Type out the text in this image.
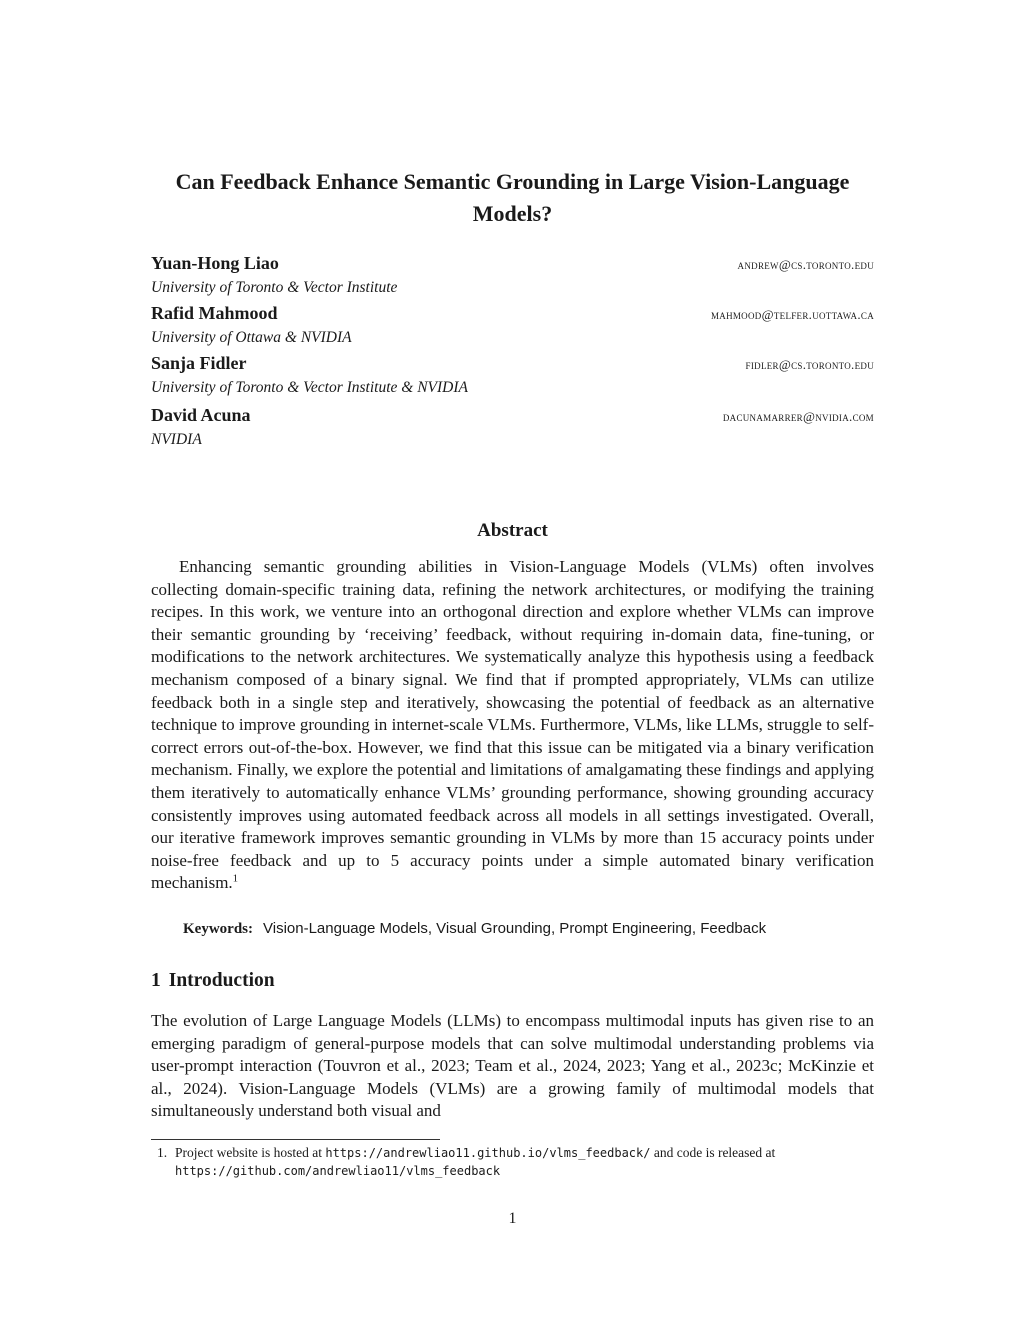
Can Feedback Enhance Semantic Grounding in Large Vision-Language Models?
Yuan-Hong Liao	andrew@cs.toronto.edu
University of Toronto & Vector Institute
Rafid Mahmood	mahmood@telfer.uottawa.ca
University of Ottawa & NVIDIA
Sanja Fidler	fidler@cs.toronto.edu
University of Toronto & Vector Institute & NVIDIA
David Acuna	dacunamarrer@nvidia.com
NVIDIA
Abstract
Enhancing semantic grounding abilities in Vision-Language Models (VLMs) often involves collecting domain-specific training data, refining the network architectures, or modifying the training recipes. In this work, we venture into an orthogonal direction and explore whether VLMs can improve their semantic grounding by ‘receiving’ feedback, without requiring in-domain data, fine-tuning, or modifications to the network architectures. We systematically analyze this hypothesis using a feedback mechanism composed of a binary signal. We find that if prompted appropriately, VLMs can utilize feedback both in a single step and iteratively, showcasing the potential of feedback as an alternative technique to improve grounding in internet-scale VLMs. Furthermore, VLMs, like LLMs, struggle to self-correct errors out-of-the-box. However, we find that this issue can be mitigated via a binary verification mechanism. Finally, we explore the potential and limitations of amalgamating these findings and applying them iteratively to automatically enhance VLMs’ grounding performance, showing grounding accuracy consistently improves using automated feedback across all models in all settings investigated. Overall, our iterative framework improves semantic grounding in VLMs by more than 15 accuracy points under noise-free feedback and up to 5 accuracy points under a simple automated binary verification mechanism.$^1$
Keywords: Vision-Language Models, Visual Grounding, Prompt Engineering, Feedback
1 Introduction
The evolution of Large Language Models (LLMs) to encompass multimodal inputs has given rise to an emerging paradigm of general-purpose models that can solve multimodal understanding problems via user-prompt interaction (Touvron et al., 2023; Team et al., 2024, 2023; Yang et al., 2023c; McKinzie et al., 2024). Vision-Language Models (VLMs) are a growing family of multimodal models that simultaneously understand both visual and
1. Project website is hosted at https://andrewliao11.github.io/vlms_feedback/ and code is released at https://github.com/andrewliao11/vlms_feedback
1
